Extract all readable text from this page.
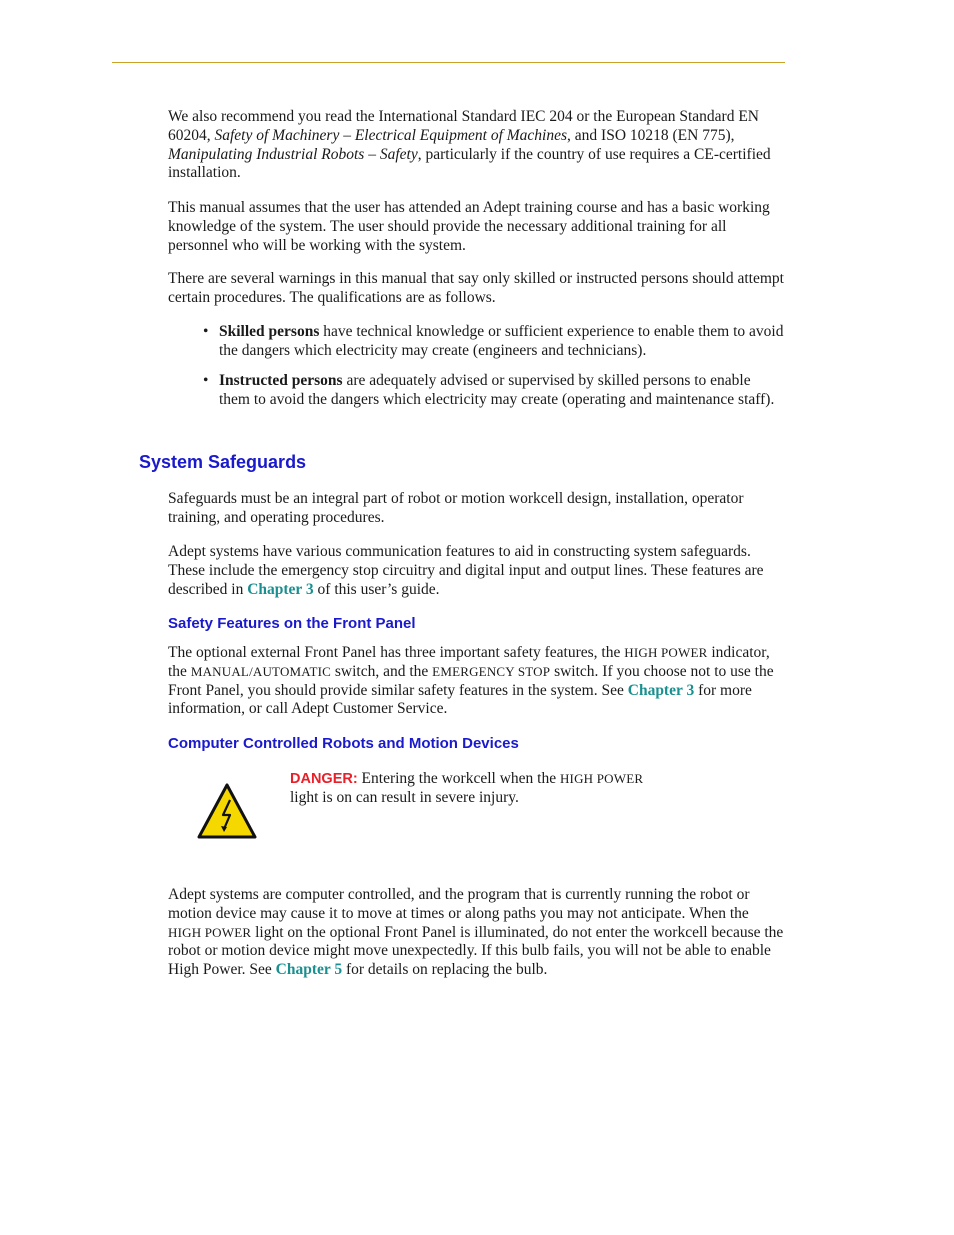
We also recommend you read the International Standard IEC 204 or the European Standard EN 60204, Safety of Machinery – Electrical Equipment of Machines, and ISO 10218 (EN 775), Manipulating Industrial Robots – Safety, particularly if the country of use requires a CE-certified installation.

This manual assumes that the user has attended an Adept training course and has a basic working knowledge of the system. The user should provide the necessary additional training for all personnel who will be working with the system.

There are several warnings in this manual that say only skilled or instructed persons should attempt certain procedures. The qualifications are as follows.

• Skilled persons have technical knowledge or sufficient experience to enable them to avoid the dangers which electricity may create (engineers and technicians).
• Instructed persons are adequately advised or supervised by skilled persons to enable them to avoid the dangers which electricity may create (operating and maintenance staff).
System Safeguards

Safeguards must be an integral part of robot or motion workcell design, installation, operator training, and operating procedures.

Adept systems have various communication features to aid in constructing system safeguards. These include the emergency stop circuitry and digital input and output lines. These features are described in Chapter 3 of this user’s guide.

Safety Features on the Front Panel

The optional external Front Panel has three important safety features, the HIGH POWER indicator, the MANUAL/AUTOMATIC switch, and the EMERGENCY STOP switch. If you choose not to use the Front Panel, you should provide similar safety features in the system. See Chapter 3 for more information, or call Adept Customer Service.

Computer Controlled Robots and Motion Devices
DANGER: Entering the workcell when the HIGH POWER
light is on can result in severe injury.

Adept systems are computer controlled, and the program that is currently running the robot or motion device may cause it to move at times or along paths you may not anticipate. When the HIGH POWER light on the optional Front Panel is illuminated, do not enter the workcell because the robot or motion device might move unexpectedly. If this bulb fails, you will not be able to enable High Power. See Chapter 5 for details on replacing the bulb.
